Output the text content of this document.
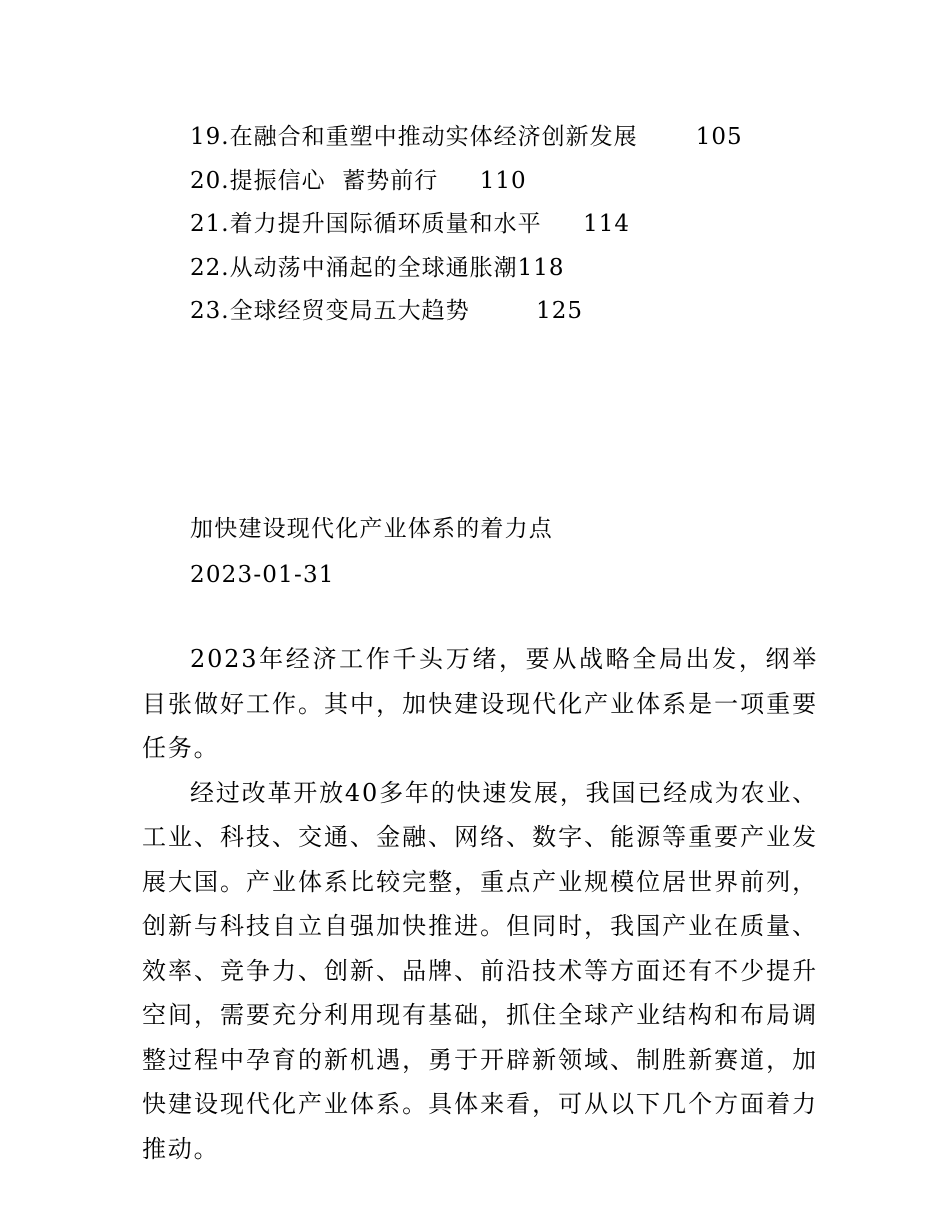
19.在融合和重塑中推动实体经济创新发展	105
20.提振信心  蓄势前行 110
21.着力提升国际循环质量和水平 114
22.从动荡中涌起的全球通胀潮118
23.全球经贸变局五大趋势	125
加快建设现代化产业体系的着力点
2023-01-31

2023年经济工作千头万绪，要从战略全局出发，纲举目张做好工作。其中，加快建设现代化产业体系是一项重要任务。

经过改革开放40多年的快速发展，我国已经成为农业、工业、科技、交通、金融、网络、数字、能源等重要产业发展大国。产业体系比较完整，重点产业规模位居世界前列，创新与科技自立自强加快推进。但同时，我国产业在质量、效率、竞争力、创新、品牌、前沿技术等方面还有不少提升空间，需要充分利用现有基础，抓住全球产业结构和布局调整过程中孕育的新机遇，勇于开辟新领域、制胜新赛道，加快建设现代化产业体系。具体来看，可从以下几个方面着力推动。
